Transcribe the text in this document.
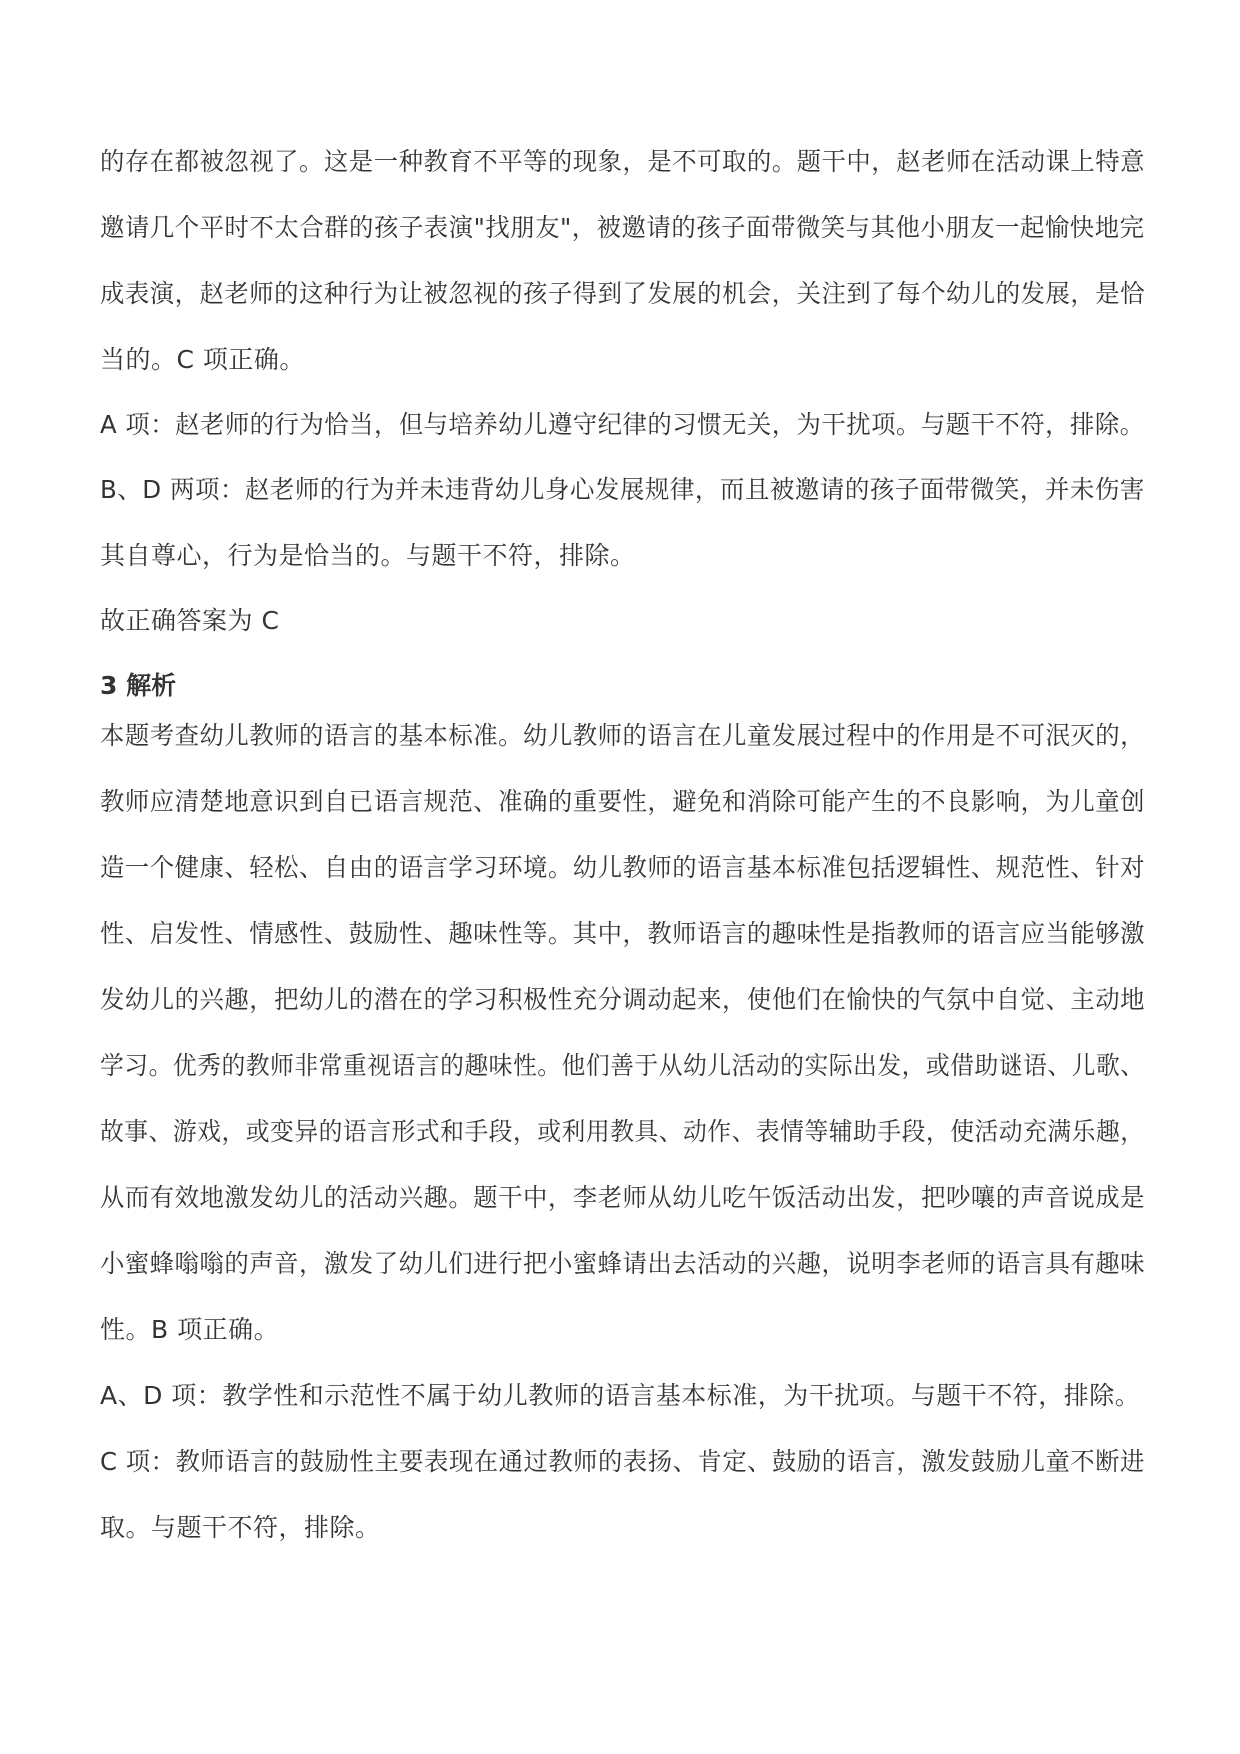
的存在都被忽视了。这是一种教育不平等的现象，是不可取的。题干中，赵老师在活动课上特意
邀请几个平时不太合群的孩子表演"找朋友"，被邀请的孩子面带微笑与其他小朋友一起愉快地完
成表演，赵老师的这种行为让被忽视的孩子得到了发展的机会，关注到了每个幼儿的发展，是恰
当的。C 项正确。
A 项：赵老师的行为恰当，但与培养幼儿遵守纪律的习惯无关，为干扰项。与题干不符，排除。
B、D 两项：赵老师的行为并未违背幼儿身心发展规律，而且被邀请的孩子面带微笑，并未伤害
其自尊心，行为是恰当的。与题干不符，排除。
故正确答案为 C
3 解析
本题考查幼儿教师的语言的基本标准。幼儿教师的语言在儿童发展过程中的作用是不可泯灭的，
教师应清楚地意识到自已语言规范、准确的重要性，避免和消除可能产生的不良影响，为儿童创
造一个健康、轻松、自由的语言学习环境。幼儿教师的语言基本标准包括逻辑性、规范性、针对
性、启发性、情感性、鼓励性、趣味性等。其中，教师语言的趣味性是指教师的语言应当能够激
发幼儿的兴趣，把幼儿的潜在的学习积极性充分调动起来，使他们在愉快的气氛中自觉、主动地
学习。优秀的教师非常重视语言的趣味性。他们善于从幼儿活动的实际出发，或借助谜语、儿歌、
故事、游戏，或变异的语言形式和手段，或利用教具、动作、表情等辅助手段，使活动充满乐趣，
从而有效地激发幼儿的活动兴趣。题干中，李老师从幼儿吃午饭活动出发，把吵嚷的声音说成是
小蜜蜂嗡嗡的声音，激发了幼儿们进行把小蜜蜂请出去活动的兴趣，说明李老师的语言具有趣味
性。B 项正确。
A、D 项：教学性和示范性不属于幼儿教师的语言基本标准，为干扰项。与题干不符，排除。
C 项：教师语言的鼓励性主要表现在通过教师的表扬、肯定、鼓励的语言，激发鼓励儿童不断进
取。与题干不符，排除。
